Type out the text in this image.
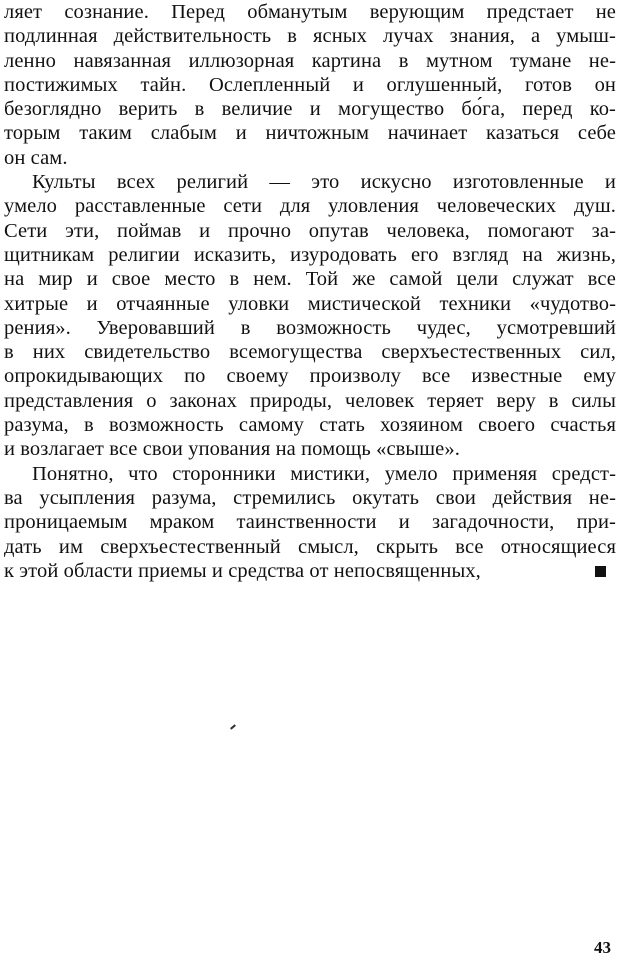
ляет сознание. Перед обманутым верующим предстает не
подлинная действительность в ясных лучах знания, а умыш-
ленно навязанная иллюзорная картина в мутном тумане не-
постижимых тайн. Ослепленный и оглушенный, готов он
безоглядно верить в величие и могущество бо́га, перед ко-
торым таким слабым и ничтожным начинает казаться себе
он сам.
Культы всех религий — это искусно изготовленные и
умело расставленные сети для уловления человеческих душ.
Сети эти, поймав и прочно опутав человека, помогают за-
щитникам религии исказить, изуродовать его взгляд на жизнь,
на мир и свое место в нем. Той же самой цели служат все
хитрые и отчаянные уловки мистической техники «чудотво-
рения». Уверовавший в возможность чудес, усмотревший
в них свидетельство всемогущества сверхъестественных сил,
опрокидывающих по своему произволу все известные ему
представления о законах природы, человек теряет веру в силы
разума, в возможность самому стать хозяином своего счастья
и возлагает все свои упования на помощь «свыше».
Понятно, что сторонники мистики, умело применяя средст-
ва усыпления разума, стремились окутать свои действия не-
проницаемым мраком таинственности и загадочности, при-
дать им сверхъестественный смысл, скрыть все относящиеся
к этой области приемы и средства от непосвященных,
43
